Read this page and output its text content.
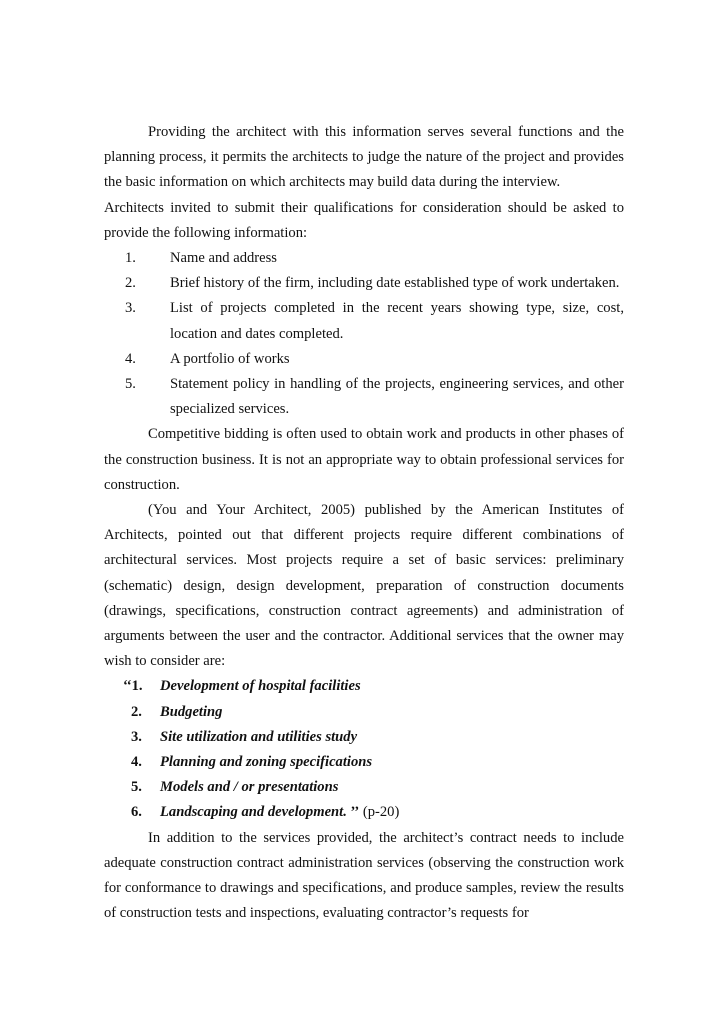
Providing the architect with this information serves several functions and the planning process, it permits the architects to judge the nature of the project and provides the basic information on which architects may build data during the interview.

Architects invited to submit their qualifications for consideration should be asked to provide the following information:

1.	Name and address
2.	Brief history of the firm, including date established type of work undertaken.
3.	List of projects completed in the recent years showing type, size, cost, location and dates completed.
4.	A portfolio of works
5.	Statement policy in handling of the projects, engineering services, and other specialized services.

Competitive bidding is often used to obtain work and products in other phases of the construction business. It is not an appropriate way to obtain professional services for construction.

(You and Your Architect, 2005) published by the American Institutes of Architects, pointed out that different projects require different combinations of architectural services. Most projects require a set of basic services: preliminary (schematic) design, design development, preparation of construction documents (drawings, specifications, construction contract agreements) and administration of arguments between the user and the contractor. Additional services that the owner may wish to consider are:

‘‘1.	Development of hospital facilities
2.	Budgeting
3.	Site utilization and utilities study
4.	Planning and zoning specifications
5.	Models and / or presentations
6.	Landscaping and development. ’’ (p-20)

In addition to the services provided, the architect’s contract needs to include adequate construction contract administration services (observing the construction work for conformance to drawings and specifications, and produce samples, review the results of construction tests and inspections, evaluating contractor’s requests for
